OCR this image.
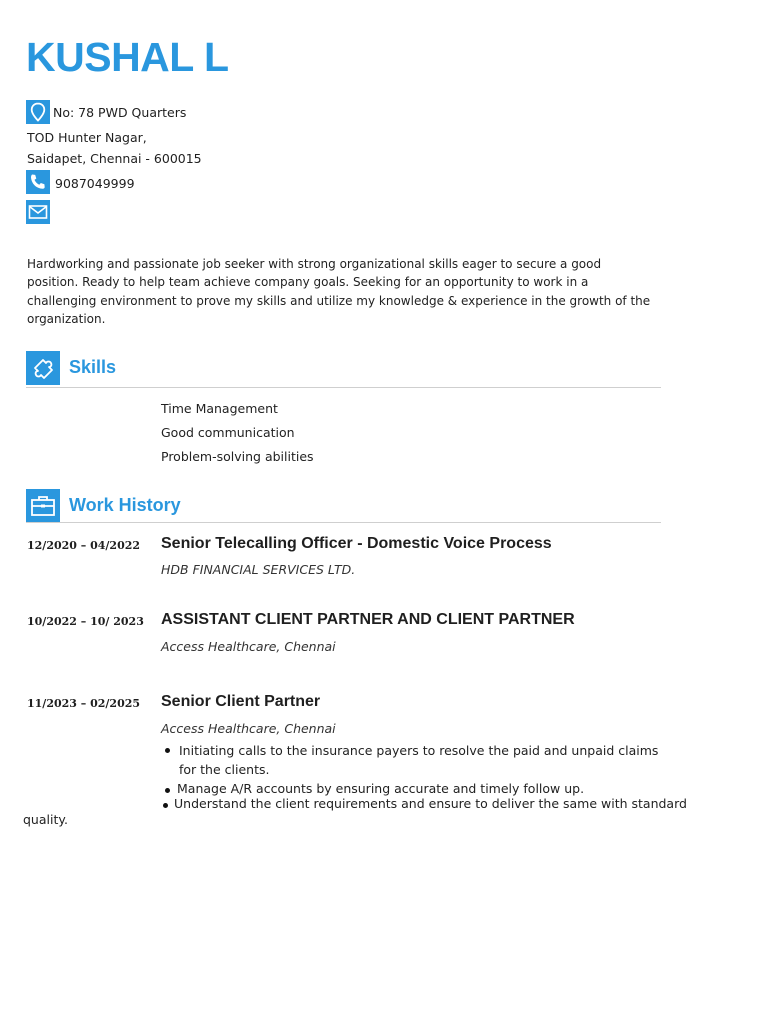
KUSHAL L
No: 78 PWD Quarters
TOD Hunter Nagar,
Saidapet, Chennai - 600015
9087049999

Hardworking and passionate job seeker with strong organizational skills eager to secure a good position. Ready to help team achieve company goals. Seeking for an opportunity to work in a challenging environment to prove my skills and utilize my knowledge & experience in the growth of the organization.

Skills
Time Management
Good communication
Problem-solving abilities
Work History
12/2020 – 04/2022 Senior Telecalling Officer - Domestic Voice Process
HDB FINANCIAL SERVICES LTD.
10/2022 – 10/ 2023 ASSISTANT CLIENT PARTNER AND CLIENT PARTNER
Access Healthcare, Chennai
11/2023 – 02/2025 Senior Client Partner
Access Healthcare, Chennai
Initiating calls to the insurance payers to resolve the paid and unpaid claims for the clients.
Manage A/R accounts by ensuring accurate and timely follow up.
Understand the client requirements and ensure to deliver the same with standard
quality.
